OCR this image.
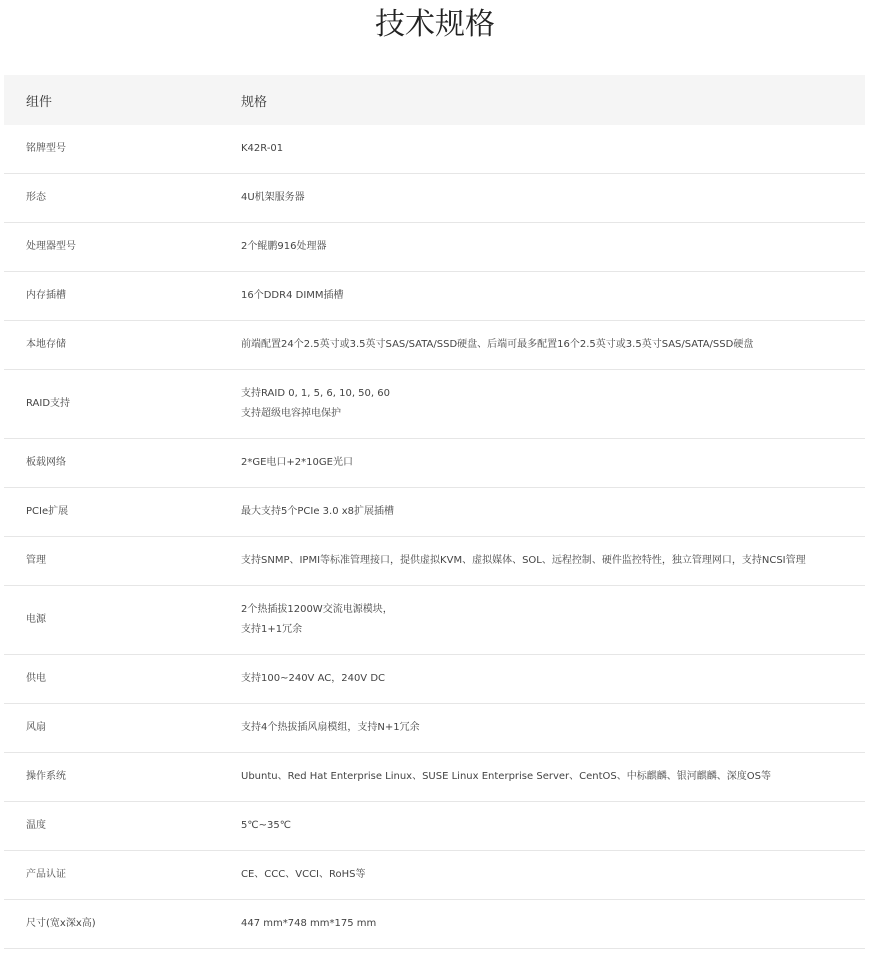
技术规格
组件	规格
铭牌型号	K42R-01

形态	4U机架服务器

处理器型号	2个鲲鹏916处理器

内存插槽	16个DDR4 DIMM插槽

本地存储	前端配置24个2.5英寸或3.5英寸SAS/SATA/SSD硬盘、后端可最多配置16个2.5英寸或3.5英寸SAS/SATA/SSD硬盘

RAID支持	支持RAID 0, 1, 5, 6, 10, 50, 60
支持超级电容掉电保护

板载网络	2*GE电口+2*10GE光口

PCIe扩展	最大支持5个PCIe 3.0 x8扩展插槽

管理	支持SNMP、IPMI等标准管理接口，提供虚拟KVM、虚拟媒体、SOL、远程控制、硬件监控特性，独立管理网口，支持NCSI管理

电源	2个热插拔1200W交流电源模块，
支持1+1冗余

供电	支持100~240V AC，240V DC

风扇	支持4个热拔插风扇模组，支持N+1冗余

操作系统	Ubuntu、Red Hat Enterprise Linux、SUSE Linux Enterprise Server、CentOS、中标麒麟、银河麒麟、深度OS等

温度	5℃~35℃

产品认证	CE、CCC、VCCI、RoHS等

尺寸(宽x深x高)	447 mm*748 mm*175 mm
